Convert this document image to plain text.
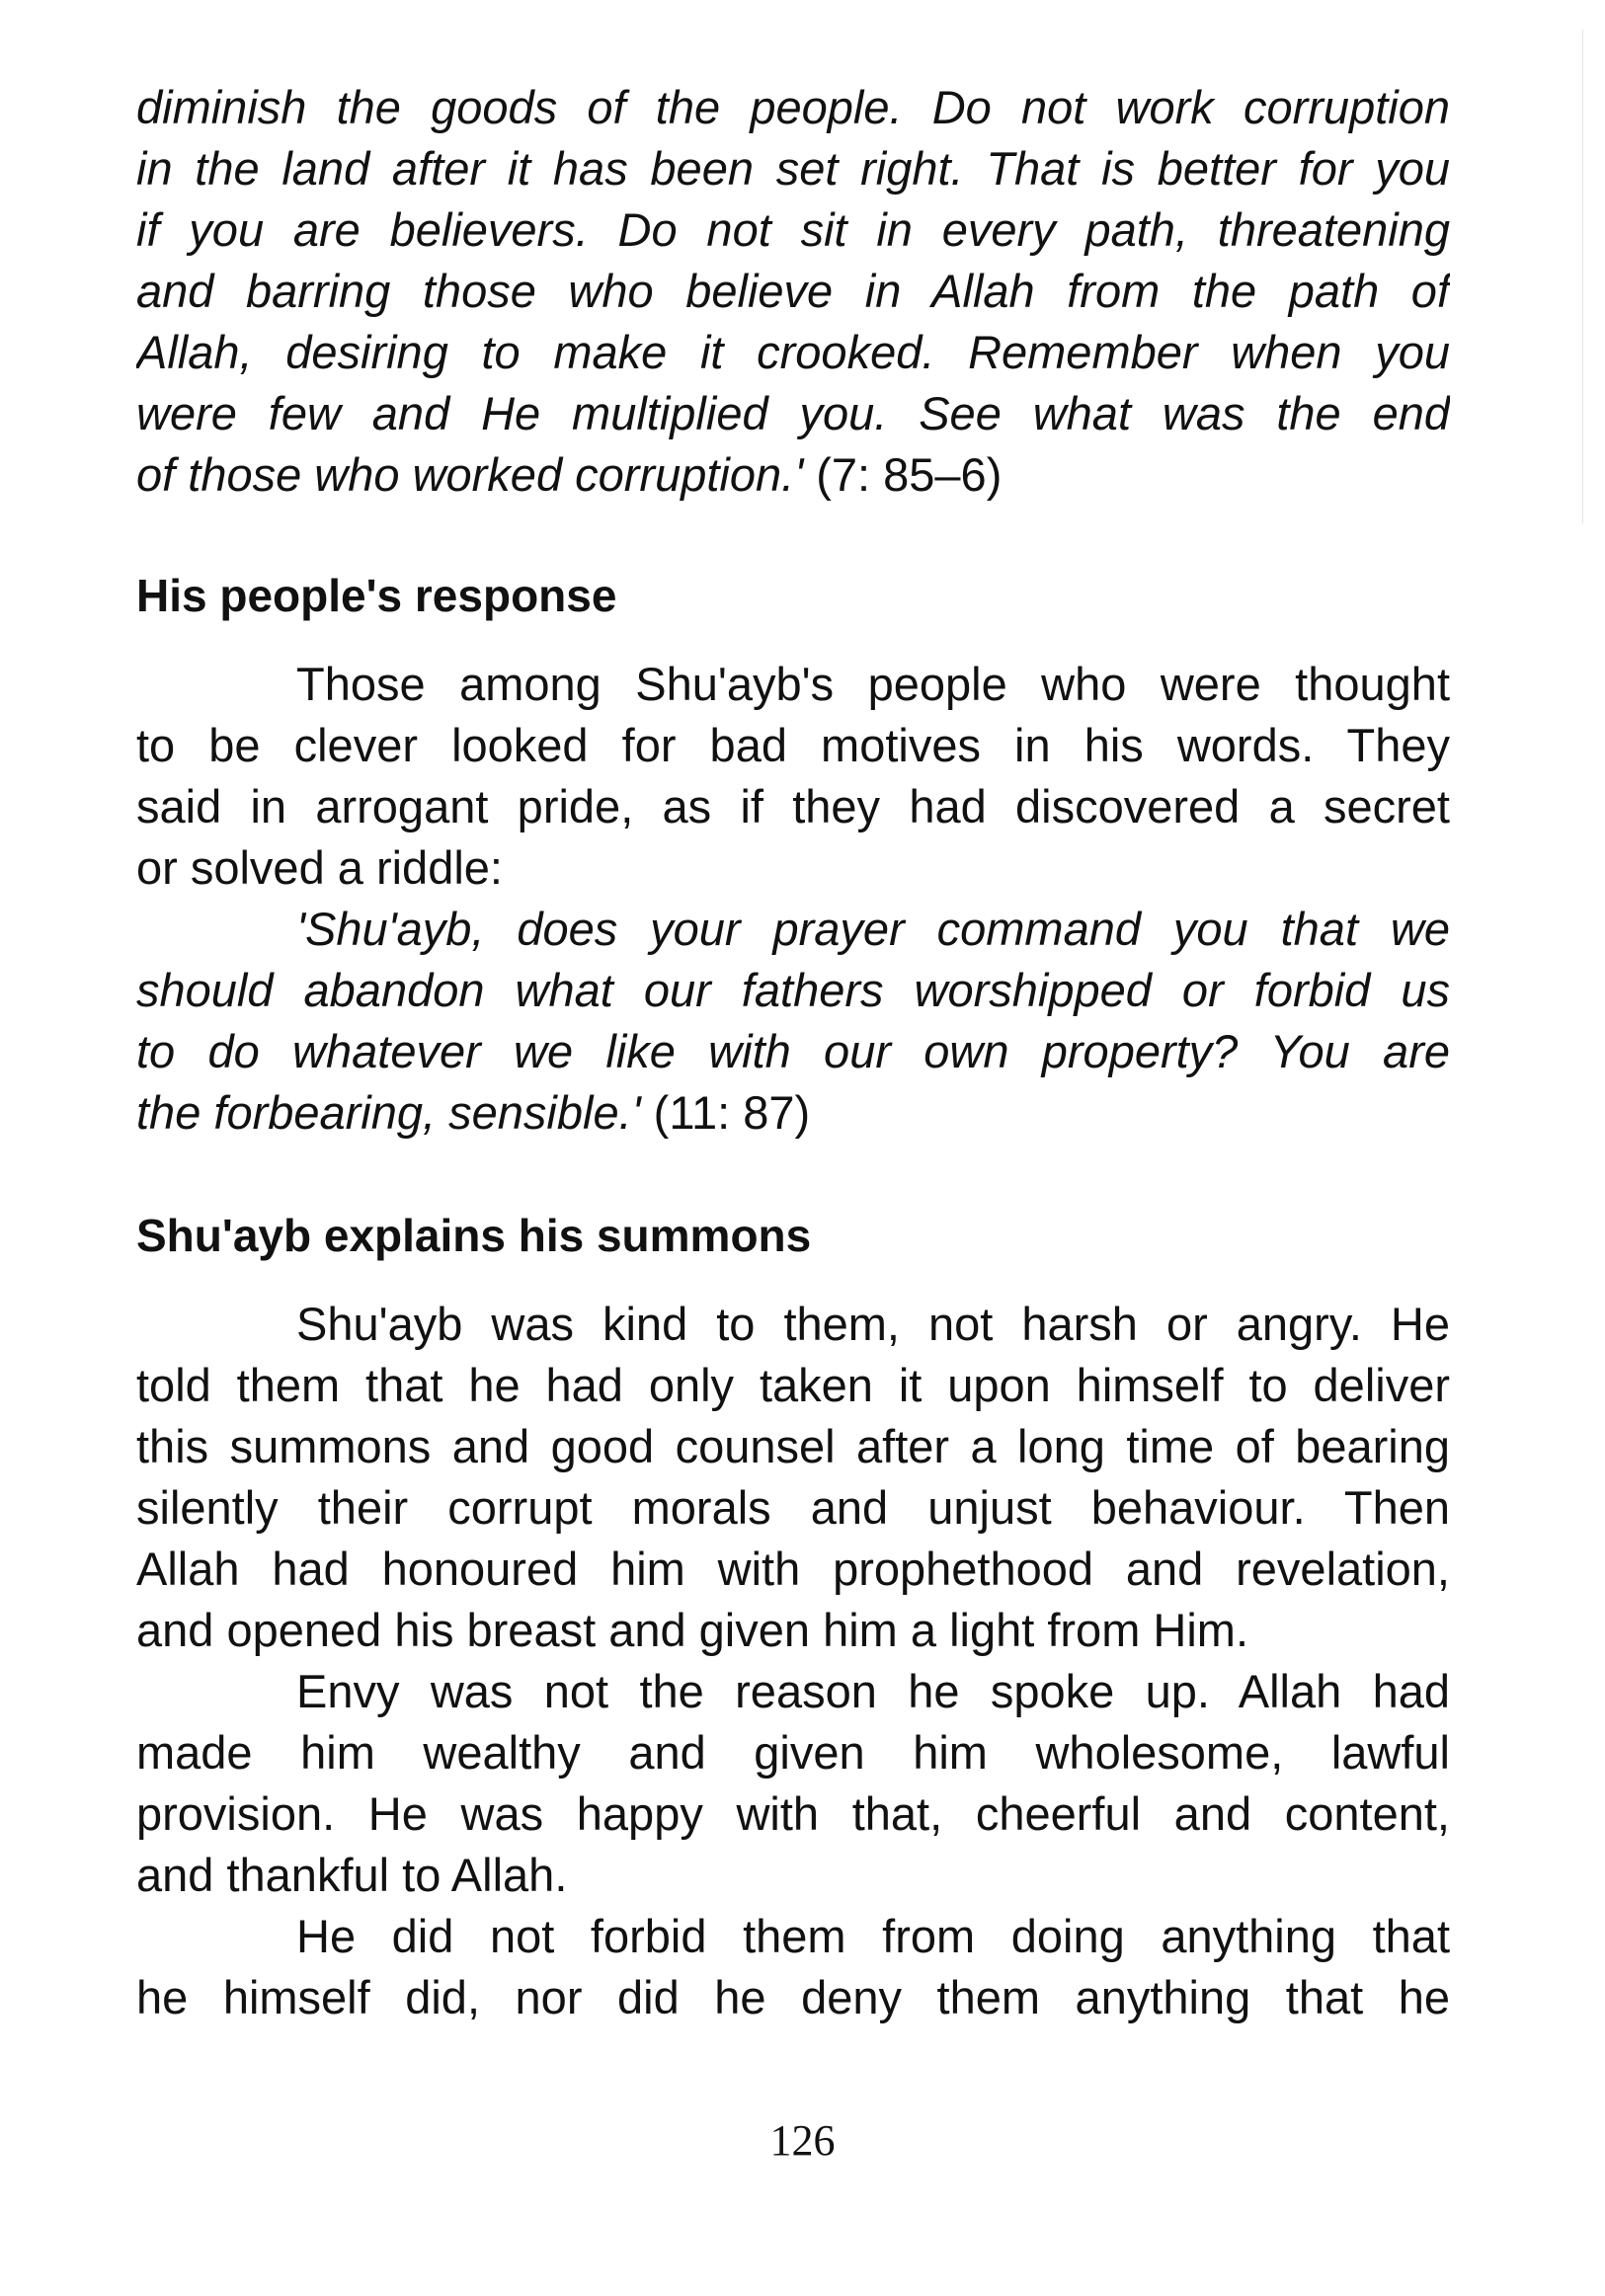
diminish the goods of the people. Do not work corruption
in the land after it has been set right. That is better for you
if you are believers. Do not sit in every path, threatening
and barring those who believe in Allah from the path of
Allah, desiring to make it crooked. Remember when you
were few and He multiplied you. See what was the end
of those who worked corruption.' (7: 85–6)
His people's response
Those among Shu'ayb's people who were thought
to be clever looked for bad motives in his words. They
said in arrogant pride, as if they had discovered a secret
or solved a riddle:
'Shu'ayb, does your prayer command you that we
should abandon what our fathers worshipped or forbid us
to do whatever we like with our own property? You are
the forbearing, sensible.' (11: 87)
Shu'ayb explains his summons
Shu'ayb was kind to them, not harsh or angry. He
told them that he had only taken it upon himself to deliver
this summons and good counsel after a long time of bearing
silently their corrupt morals and unjust behaviour. Then
Allah had honoured him with prophethood and revelation,
and opened his breast and given him a light from Him.
Envy was not the reason he spoke up. Allah had
made him wealthy and given him wholesome, lawful
provision. He was happy with that, cheerful and content,
and thankful to Allah.
He did not forbid them from doing anything that
he himself did, nor did he deny them anything that he
126
